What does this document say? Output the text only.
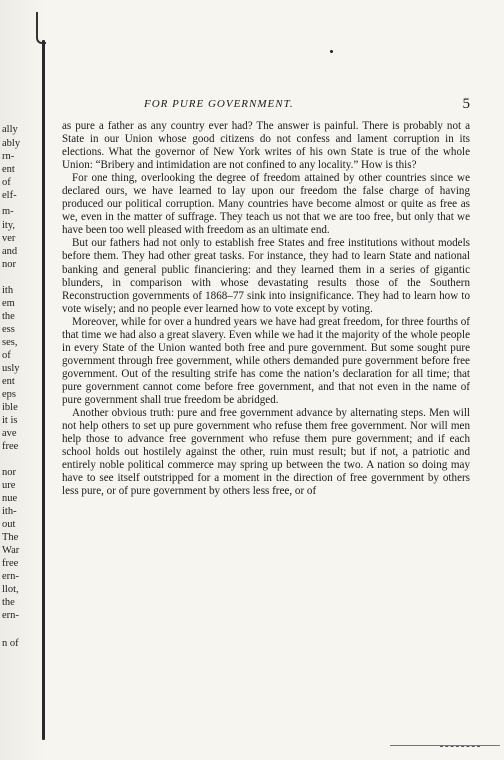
ally
ably
rn-
ent
of
elf-
m-
ity,
ver
and
nor
ith
em
the
ess
ses,
of
usly
ent
eps
ible
it is
ave
free
nor
ure
nue
ith-
out
The
War
free
ern-
llot,
the
ern-
n of
FOR PURE GOVERNMENT.	5

as pure a father as any country ever had? The answer is painful. There is probably not a State in our Union whose good citizens do not confess and lament corruption in its elections. What the governor of New York writes of his own State is true of the whole Union: “Bribery and intimidation are not confined to any locality.” How is this?

For one thing, overlooking the degree of freedom attained by other countries since we declared ours, we have learned to lay upon our freedom the false charge of having produced our political corruption. Many countries have become almost or quite as free as we, even in the matter of suffrage. They teach us not that we are too free, but only that we have been too well pleased with freedom as an ultimate end.

But our fathers had not only to establish free States and free institutions without models before them. They had other great tasks. For instance, they had to learn State and national banking and general public financiering: and they learned them in a series of gigantic blunders, in comparison with whose devastating results those of the Southern Reconstruction governments of 1868–77 sink into insignificance. They had to learn how to vote wisely; and no people ever learned how to vote except by voting.

Moreover, while for over a hundred years we have had great freedom, for three fourths of that time we had also a great slavery. Even while we had it the majority of the whole people in every State of the Union wanted both free and pure government. But some sought pure government through free government, while others demanded pure government before free government. Out of the resulting strife has come the nation’s declaration for all time; that pure government cannot come before free government, and that not even in the name of pure government shall true freedom be abridged.

Another obvious truth: pure and free government advance by alternating steps. Men will not help others to set up pure government who refuse them free government. Nor will men help those to advance free government who refuse them pure government; and if each school holds out hostilely against the other, ruin must result; but if not, a patriotic and entirely noble political commerce may spring up between the two. A nation so doing may have to see itself outstripped for a moment in the direction of free government by others less pure, or of pure government by others less free, or of
